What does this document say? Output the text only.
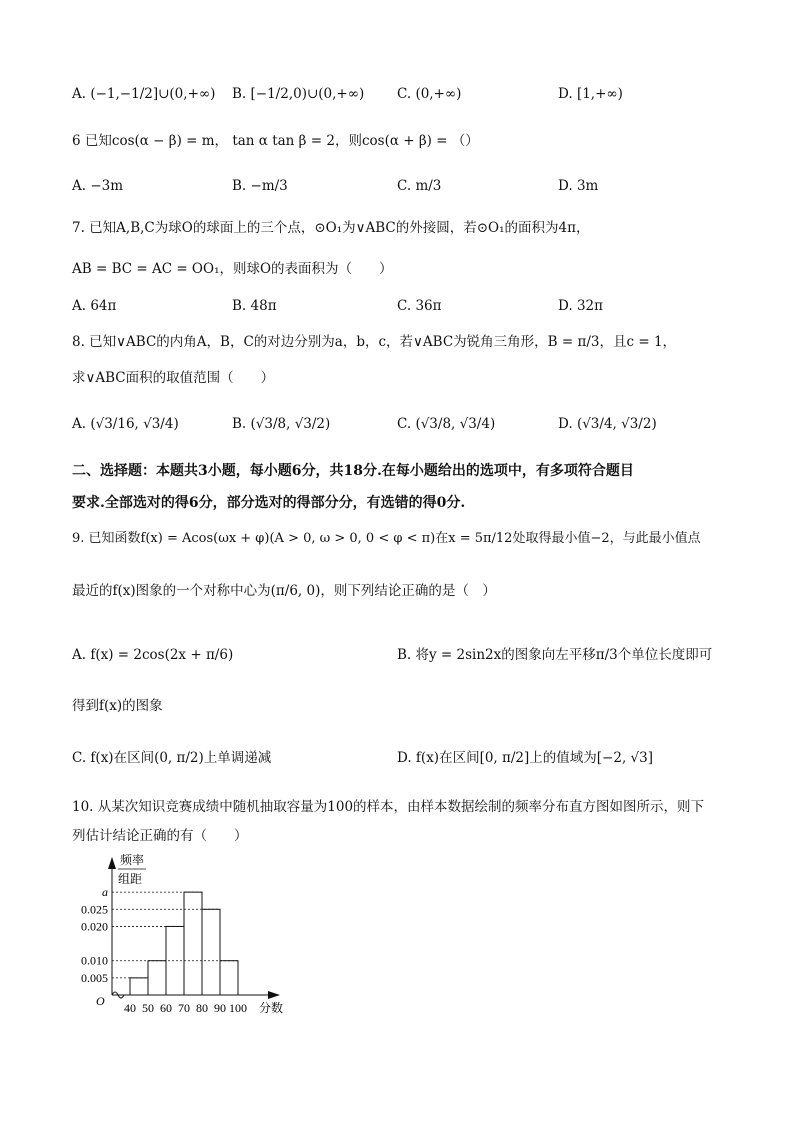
A. (−1,−1/2]∪(0,+∞) B. [−1/2,0)∪(0,+∞) C. (0,+∞)	D. [1,+∞)
6 已知cos(α − β) = m， tan α tan β = 2，则cos(α + β) = （）
A. −3m	B. −m/3	C. m/3	D. 3m
7. 已知A,B,C为球O的球面上的三个点，⊙O₁为∨ABC的外接圆，若⊙O₁的面积为4π，
AB = BC = AC = OO₁，则球O的表面积为（　　）
A. 64π	B. 48π	C. 36π	D. 32π
8. 已知∨ABC的内角A，B，C的对边分别为a，b，c，若∨ABC为锐角三角形，B = π/3，且c = 1，
求∨ABC面积的取值范围（　　）
A. (√3/16, √3/4)	B. (√3/8, √3/2)	C. (√3/8, √3/4)	D. (√3/4, √3/2)
二、选择题：本题共3小题，每小题6分，共18分.在每小题给出的选项中，有多项符合题目
要求.全部选对的得6分，部分选对的得部分分，有选错的得0分.
9. 已知函数f(x) = Acos(ωx + φ)(A > 0, ω > 0, 0 < φ < π)在x = 5π/12处取得最小值−2，与此最小值点
最近的f(x)图象的一个对称中心为(π/6, 0)，则下列结论正确的是（　）
A. f(x) = 2cos(2x + π/6)	B. 将y = 2sin2x的图象向左平移π/3个单位长度即可
得到f(x)的图象
C. f(x)在区间(0, π/2)上单调递减	D. f(x)在区间[0, π/2]上的值域为[−2, √3]
10. 从某次知识竞赛成绩中随机抽取容量为100的样本，由样本数据绘制的频率分布直方图如图所示，则下
列估计结论正确的有（　　）
频率
组距
O	分数
0.005
0.010
0.020
0.025
a
40 50 60 70 80 90 100
